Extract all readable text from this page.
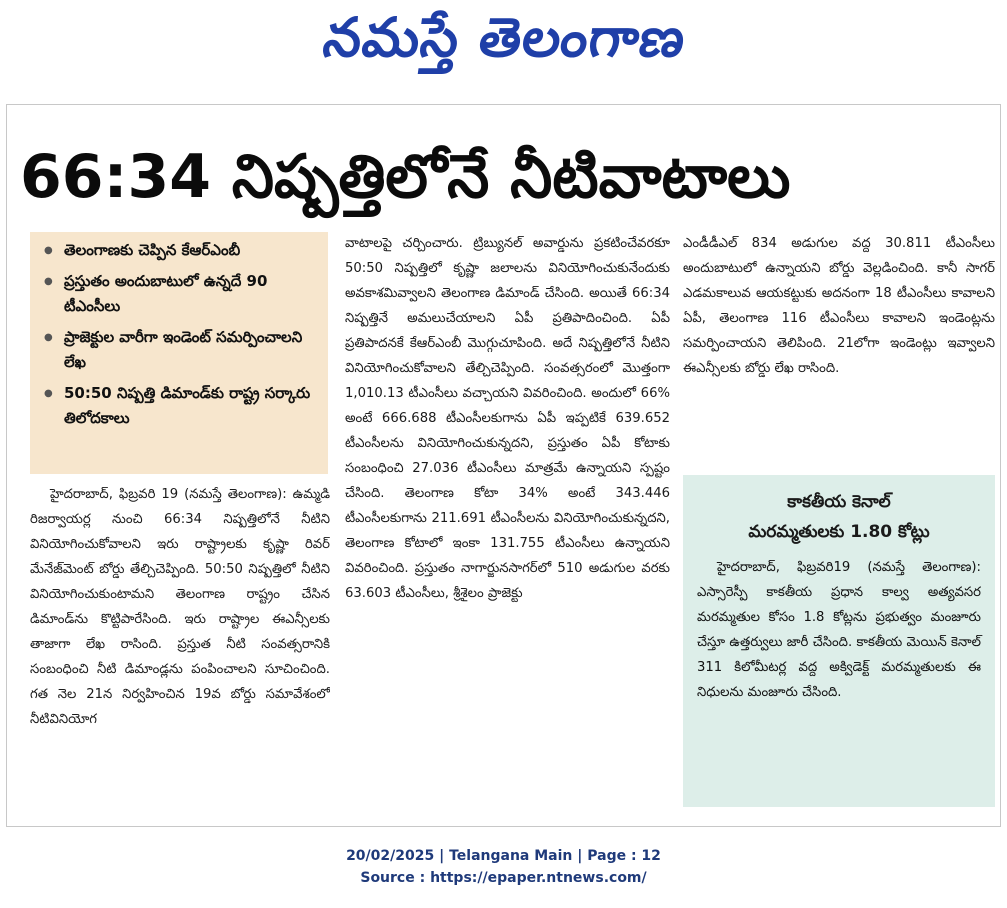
నమస్తే తెలంగాణ
66:34 నిష్పత్తిలోనే నీటివాటాలు
● తెలంగాణకు చెప్పిన కేఆర్‌ఎంబీ
● ప్రస్తుతం అందుబాటులో ఉన్నదే 90 టీఎంసీలు
● ప్రాజెక్టుల వారీగా ఇండెంట్‌ సమర్పించాలని లేఖ
● 50:50 నిష్పత్తి డిమాండ్‌కు రాష్ట్ర సర్కారు తిలోదకాలు

హైదరాబాద్‌, ఫిబ్రవరి 19 (నమస్తే తెలంగాణ): ఉమ్మడి రిజర్వాయర్ల నుంచి 66:34 నిష్పత్తిలోనే నీటిని వినియోగించుకోవాలని ఇరు రాష్ట్రాలకు కృష్ణా రివర్‌ మేనేజ్‌మెంట్‌ బోర్డు తేల్చిచెప్పింది. 50:50 నిష్పత్తిలో నీటిని వినియోగించుకుంటామని తెలంగాణ రాష్ట్రం చేసిన డిమాండ్‌ను కొట్టిపారేసింది. ఇరు రాష్ట్రాల ఈఎన్సీలకు తాజాగా లేఖ రాసింది. ప్రస్తుత నీటి సంవత్సరానికి సంబంధించి నీటి డిమాండ్లను పంపించాలని సూచించింది. గత నెల 21న నిర్వహించిన 19వ బోర్డు సమావేశంలో నీటివినియోగ

వాటాలపై చర్చించారు. ట్రిబ్యునల్‌ అవార్డును ప్రకటించేవరకూ 50:50 నిష్పత్తిలో కృష్ణా జలాలను వినియోగించుకునేందుకు అవకాశమివ్వాలని తెలంగాణ డిమాండ్‌ చేసింది. అయితే 66:34 నిష్పత్తినే అమలుచేయాలని ఏపీ ప్రతిపాదించింది. ఏపీ ప్రతిపాదనకే కేఆర్‌ఎంబీ మొగ్గుచూపింది. అదే నిష్పత్తిలోనే నీటిని వినియోగించుకోవాలని తేల్చిచెప్పింది. సంవత్సరంలో మొత్తంగా 1,010.13 టీఎంసీలు వచ్చాయని వివరించింది. అందులో 66% అంటే 666.688 టీఎంసీలకుగాను ఏపీ ఇప్పటికే 639.652 టీఎంసీలను వినియోగించుకున్నదని, ప్రస్తుతం ఏపీ కోటాకు సంబంధించి 27.036 టీఎంసీలు మాత్రమే ఉన్నాయని స్పష్టం చేసింది. తెలంగాణ కోటా 34% అంటే 343.446 టీఎంసీలకుగాను 211.691 టీఎంసీలను వినియోగించుకున్నదని, తెలంగాణ కోటాలో ఇంకా 131.755 టీఎంసీలు ఉన్నాయని వివరించింది. ప్రస్తుతం నాగార్జునసాగర్‌లో 510 అడుగుల వరకు 63.603 టీఎంసీలు, శ్రీశైలం ప్రాజెక్టు

ఎండీడీఎల్‌ 834 అడుగుల వద్ద 30.811 టీఎంసీలు అందుబాటులో ఉన్నాయని బోర్డు వెల్లడించింది. కానీ సాగర్‌ ఎడమకాలువ ఆయకట్టుకు అదనంగా 18 టీఎంసీలు కావాలని ఏపీ, తెలంగాణ 116 టీఎంసీలు కావాలని ఇండెంట్లను సమర్పించాయని తెలిపింది. 21లోగా ఇండెంట్లు ఇవ్వాలని ఈఎన్సీలకు బోర్డు లేఖ రాసింది.

కాకతీయ కెనాల్‌
మరమ్మతులకు 1.80 కోట్లు

హైదరాబాద్‌, ఫిబ్రవరి19 (నమస్తే తెలంగాణ): ఎస్సారెస్పీ కాకతీయ ప్రధాన కాల్వ అత్యవసర మరమ్మతుల కోసం 1.8 కోట్లను ప్రభుత్వం మంజూరు చేస్తూ ఉత్తర్వులు జారీ చేసింది. కాకతీయ మెయిన్‌ కెనాల్‌ 311 కిలోమీటర్ల వద్ద అక్విడెక్ట్‌ మరమ్మతులకు ఈ నిధులను మంజూరు చేసింది.

20/02/2025 | Telangana Main | Page : 12
Source : https://epaper.ntnews.com/
